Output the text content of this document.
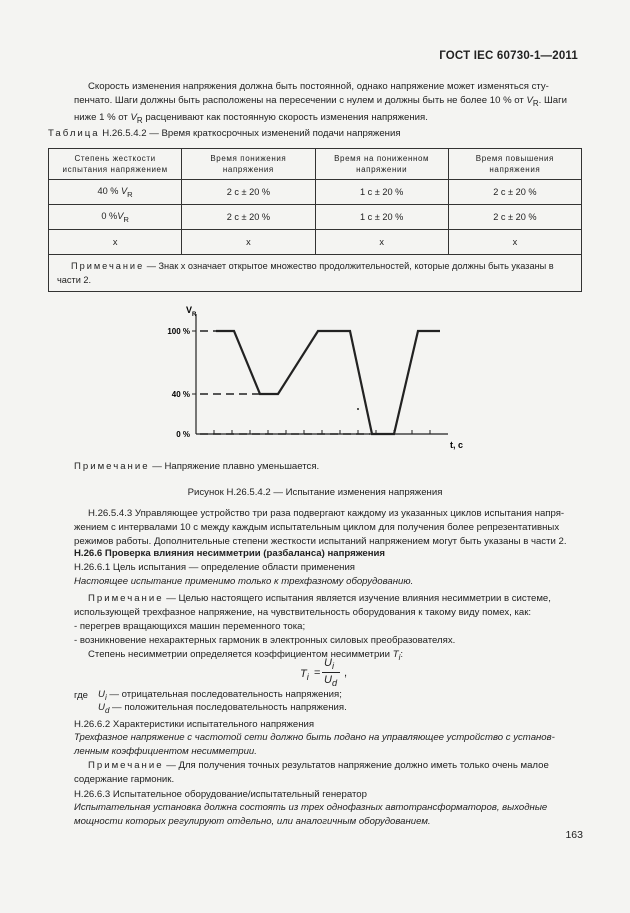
ГОСТ IEC 60730-1—2011
Скорость изменения напряжения должна быть постоянной, однако напряжение может изменяться сту-
пенчато. Шаги должны быть расположены на пересечении с нулем и должны быть не более 10 % от $V_R$. Шаги
ниже 1 % от $V_R$ расценивают как постоянную скорость изменения напряжения.
Таблица Н.26.5.4.2 — Время краткосрочных изменений подачи напряжения
Степень жесткости испытания напряжением	Время понижения напряжения	Время на пониженном напряжении	Время повышения напряжения
40 % $V_R$	2 с ± 20 %	1 с ± 20 %	2 с ± 20 %
0 $\%V_R$	2 с ± 20 %	1 с ± 20 %	2 с ± 20 %
x	x	x	x
Примечание — Знак х означает открытое множество продолжительностей, которые должны быть указаны в части 2.			
$V_R$
100 %
40 %
0 %
t, с
Примечание — Напряжение плавно уменьшается.
Рисунок Н.26.5.4.2 — Испытание изменения напряжения
Н.26.5.4.3 Управляющее устройство три раза подвергают каждому из указанных циклов испытания напря-
жением с интервалами 10 с между каждым испытательным циклом для получения более репрезентативных
режимов работы. Дополнительные степени жесткости испытаний напряжением могут быть указаны в части 2.
Н.26.6 Проверка влияния несимметрии (разбаланса) напряжения
Н.26.6.1 Цель испытания — определение области применения
Настоящее испытание применимо только к трехфазному оборудованию.
Примечание — Целью настоящего испытания является изучение влияния несимметрии в системе,
использующей трехфазное напряжение, на чувствительность оборудования к такому виду помех, как:
- перегрев вращающихся машин переменного тока;
- возникновение нехарактерных гармоник в электронных силовых преобразователях.
Степень несимметрии определяется коэффициентом несимметрии $T_i$:
$T_i$ =
$U_i$
$U_d$
,
где $U_i$ — отрицательная последовательность напряжения;
$U_d$ — положительная последовательность напряжения.
Н.26.6.2 Характеристики испытательного напряжения
Трехфазное напряжение с частотой сети должно быть подано на управляющее устройство с установ-
ленным коэффициентом несимметрии.
Примечание — Для получения точных результатов напряжение должно иметь только очень малое
содержание гармоник.
Н.26.6.3 Испытательное оборудование/испытательный генератор
Испытательная установка должна состоять из трех однофазных автотрансформаторов, выходные
мощности которых регулируют отдельно, или аналогичным оборудованием.
163
